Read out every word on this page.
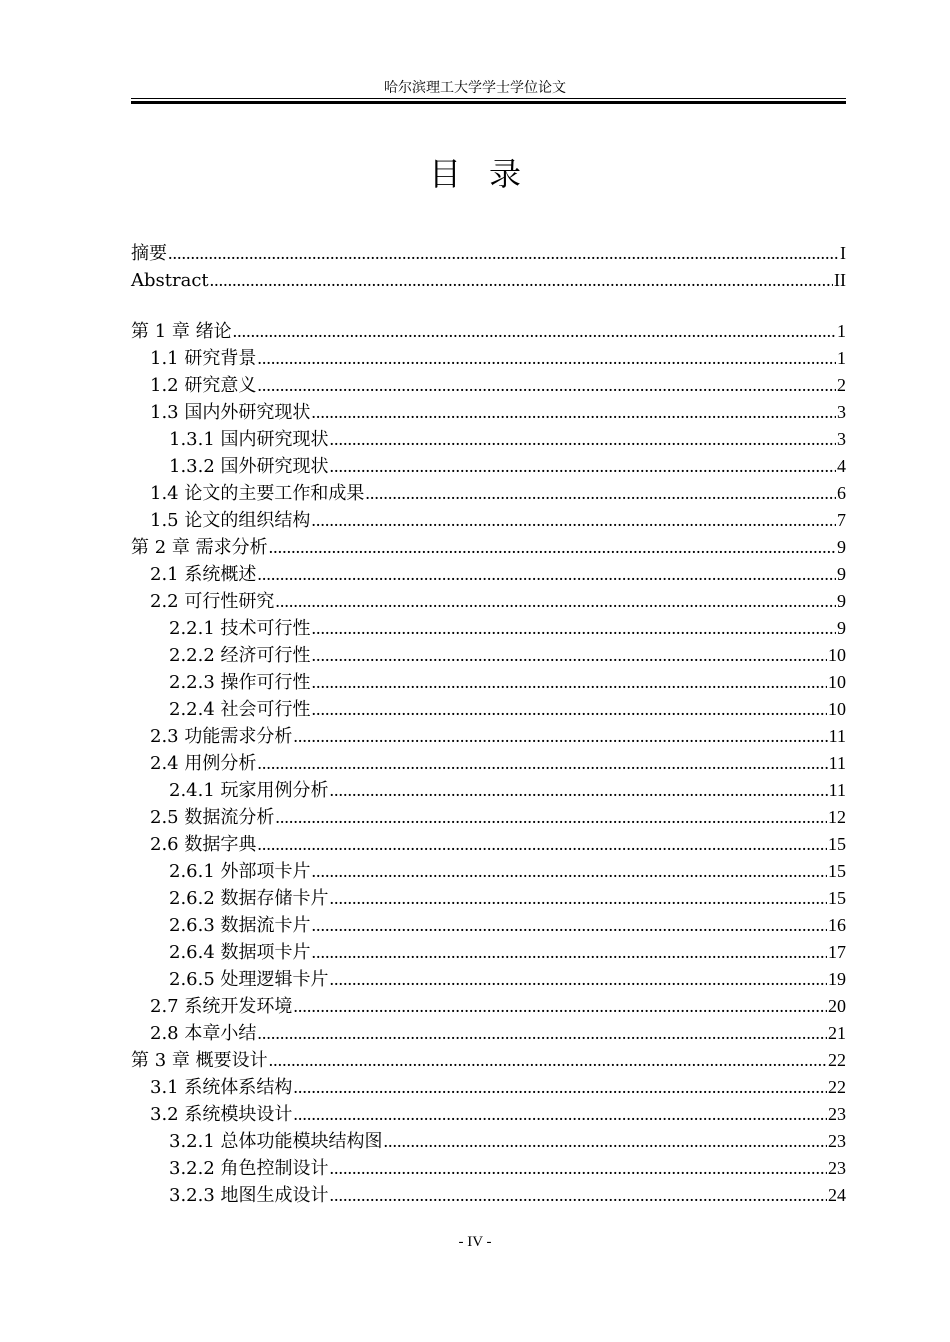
哈尔滨理工大学学士学位论文
目录
摘要 .....	I
Abstract .....	II
第 1 章 绪论 .....	1
1.1 研究背景 .....	1
1.2 研究意义 .....	2
1.3 国内外研究现状 .....	3
1.3.1 国内研究现状 .....	3
1.3.2 国外研究现状 .....	4
1.4 论文的主要工作和成果 .....	6
1.5 论文的组织结构 .....	7
第 2 章 需求分析 .....	9
2.1 系统概述 .....	9
2.2 可行性研究 .....	9
2.2.1 技术可行性 .....	9
2.2.2 经济可行性 .....	10
2.2.3 操作可行性 .....	10
2.2.4 社会可行性 .....	10
2.3 功能需求分析 .....	11
2.4 用例分析 .....	11
2.4.1 玩家用例分析 .....	11
2.5 数据流分析 .....	12
2.6 数据字典 .....	15
2.6.1 外部项卡片 .....	15
2.6.2 数据存储卡片 .....	15
2.6.3 数据流卡片 .....	16
2.6.4 数据项卡片 .....	17
2.6.5 处理逻辑卡片 .....	19
2.7 系统开发环境 .....	20
2.8 本章小结 .....	21
第 3 章 概要设计 .....	22
3.1 系统体系结构 .....	22
3.2 系统模块设计 .....	23
3.2.1 总体功能模块结构图 .....	23
3.2.2 角色控制设计 .....	23
3.2.3 地图生成设计 .....	24
- IV -
